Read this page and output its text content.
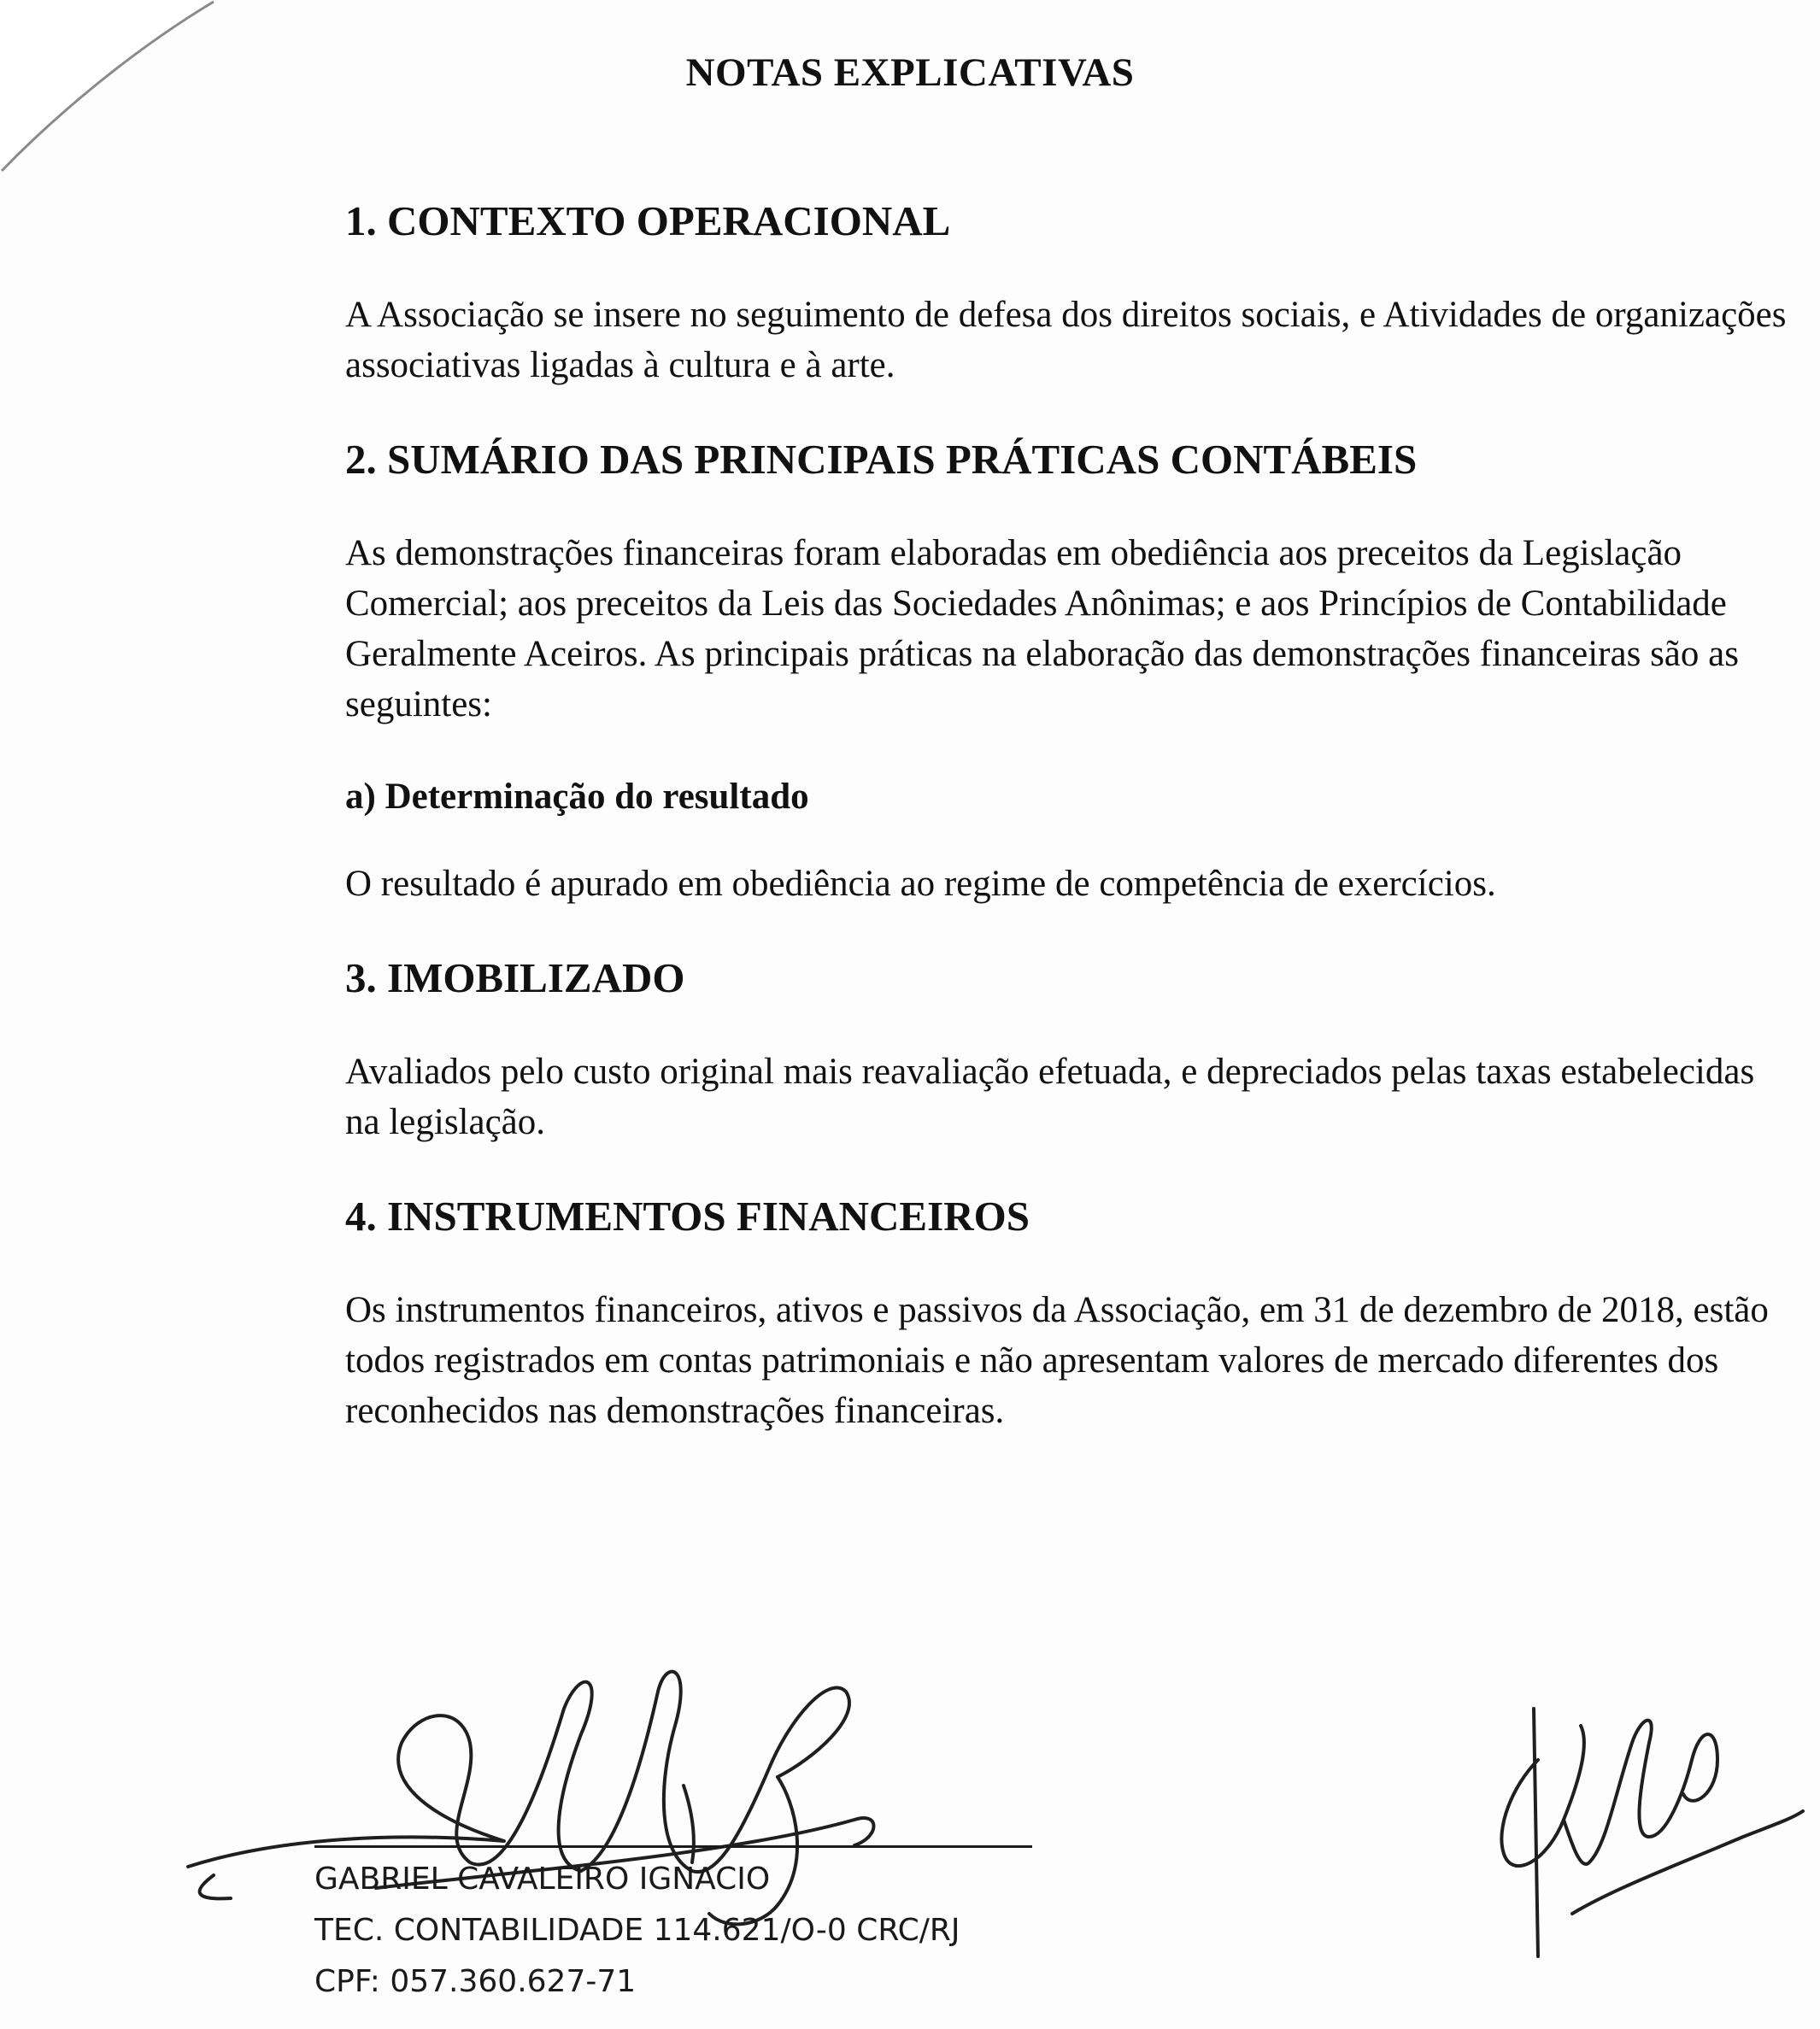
NOTAS EXPLICATIVAS
1. CONTEXTO OPERACIONAL

A Associação se insere no seguimento de defesa dos direitos sociais, e Atividades de organizações associativas ligadas à cultura e à arte.

2. SUMÁRIO DAS PRINCIPAIS PRÁTICAS CONTÁBEIS

As demonstrações financeiras foram elaboradas em obediência aos preceitos da Legislação Comercial; aos preceitos da Leis das Sociedades Anônimas; e aos Princípios de Contabilidade Geralmente Aceiros. As principais práticas na elaboração das demonstrações financeiras são as seguintes:

a) Determinação do resultado

O resultado é apurado em obediência ao regime de competência de exercícios.

3. IMOBILIZADO

Avaliados pelo custo original mais reavaliação efetuada, e depreciados pelas taxas estabelecidas na legislação.

4. INSTRUMENTOS FINANCEIROS

Os instrumentos financeiros, ativos e passivos da Associação, em 31 de dezembro de 2018, estão todos registrados em contas patrimoniais e não apresentam valores de mercado diferentes dos reconhecidos nas demonstrações financeiras.

GABRIEL CAVALEIRO IGNACIO
TEC. CONTABILIDADE 114.621/O-0 CRC/RJ
CPF: 057.360.627-71
